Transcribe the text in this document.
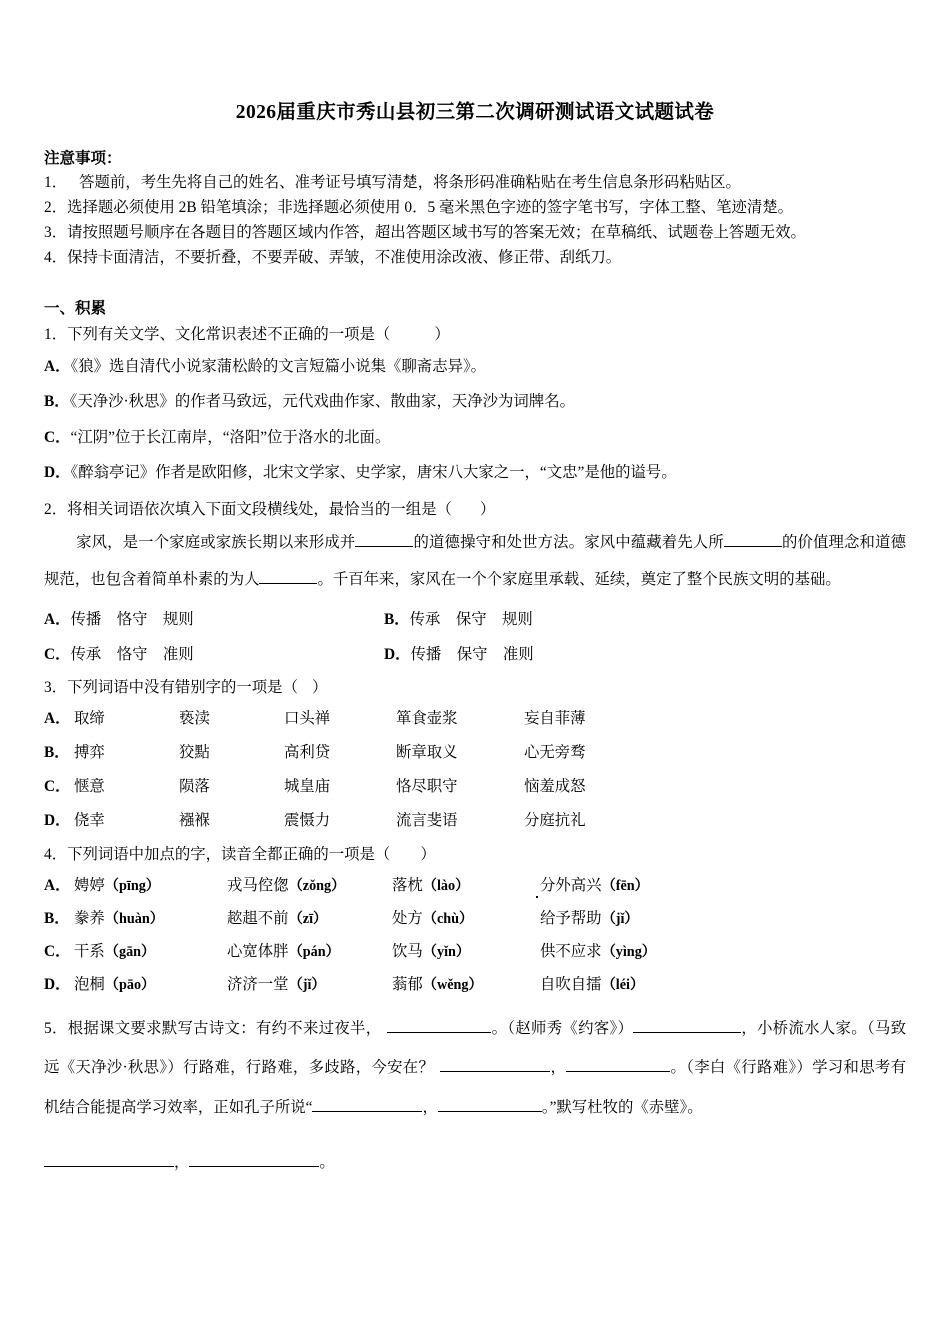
2026届重庆市秀山县初三第二次调研测试语文试题试卷
注意事项：
1． 答题前，考生先将自己的姓名、准考证号填写清楚，将条形码准确粘贴在考生信息条形码粘贴区。
2．选择题必须使用 2B 铅笔填涂；非选择题必须使用 0．5 毫米黑色字迹的签字笔书写，字体工整、笔迹清楚。
3．请按照题号顺序在各题目的答题区域内作答，超出答题区域书写的答案无效；在草稿纸、试题卷上答题无效。
4．保持卡面清洁，不要折叠，不要弄破、弄皱，不准使用涂改液、修正带、刮纸刀。
一、积累
1．下列有关文学、文化常识表述不正确的一项是（	）
A．《狼》选自清代小说家蒲松龄的文言短篇小说集《聊斋志异》。
B．《天净沙·秋思》的作者马致远，元代戏曲作家、散曲家，天净沙为词牌名。
C．“江阴”位于长江南岸，“洛阳”位于洛水的北面。
D．《醉翁亭记》作者是欧阳修，北宋文学家、史学家，唐宋八大家之一，“文忠”是他的谥号。
2．将相关词语依次填入下面文段横线处，最恰当的一组是（ ）
家风，是一个家庭或家族长期以来形成并	的道德操守和处世方法。家风中蕴藏着先人所	的价值理念和道德规范，也包含着简单朴素的为人	。千百年来，家风在一个个家庭里承载、延续，奠定了整个民族文明的基础。
A．传播　恪守　规则	B．传承　保守　规则
C．传承　恪守　准则	D．传播　保守　准则
3．下列词语中没有错别字的一项是（ ）
A． 取缔	亵渎	口头禅	箪食壶浆	妄自菲薄
B． 搏弈	狡點	高利贷	断章取义	心无旁骛
C． 惬意	陨落	城皇庙	恪尽职守	恼羞成怒
D． 侥幸	襁褓	震慑力	流言斐语	分庭抗礼
4．下列词语中加点的字，读音全都正确的一项是（ ）
A． 娉婷（pīng）	戎马倥偬（zǒng）	落枕（lào）	分外高兴（fēn）
B． 豢养（huàn）	趑趄不前（zī）	处方（chù）	给予帮助（jǐ）
C． 干系（gān）	心宽体胖（pán）	饮马（yǐn）	供不应求（yìng）
D． 泡桐（pāo）	济济一堂（jǐ）	蓊郁（wěng）	自吹自擂（léi）
5．根据课文要求默写古诗文：有约不来过夜半，	。（赵师秀《约客》）	，小桥流水人家。（马致远《天净沙·秋思》）行路难，行路难，多歧路，今安在？	，	。（李白《行路难》）学习和思考有机结合能提高学习效率，正如孔子所说“	，	。”默写杜牧的《赤壁》。
，	。
